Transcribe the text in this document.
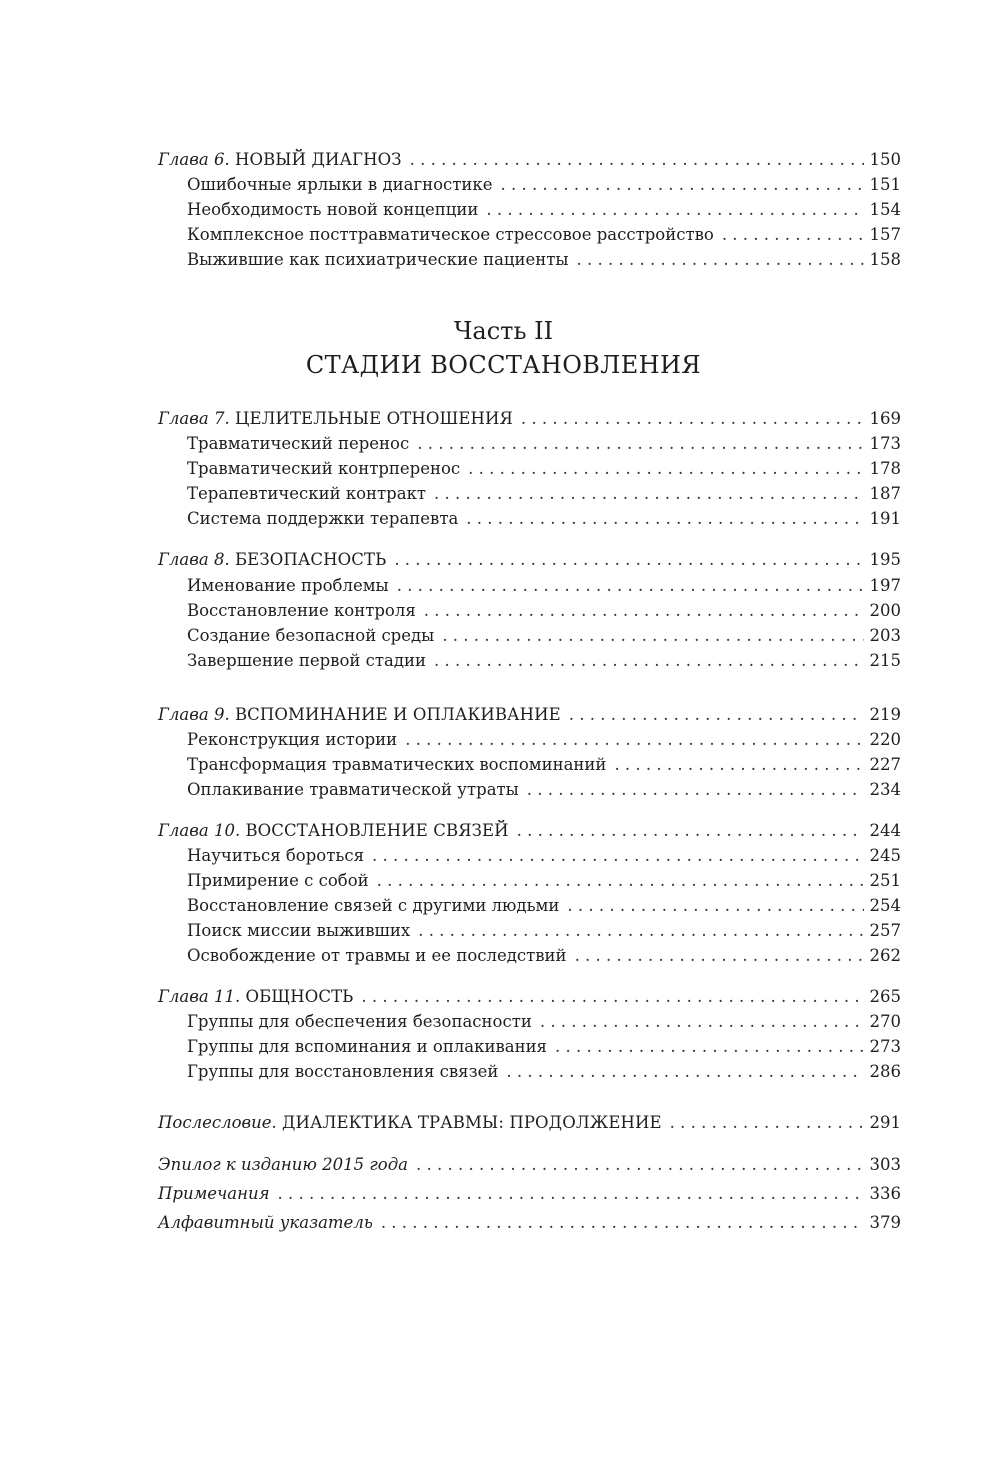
Глава 6. НОВЫЙ ДИАГНОЗ . . .	150
Ошибочные ярлыки в диагностике . . .	151
Необходимость новой концепции . . .	154
Комплексное посттравматическое стрессовое расстройство . . .	157
Выжившие как психиатрические пациенты . . .	158
Глава 7. ЦЕЛИТЕЛЬНЫЕ ОТНОШЕНИЯ . . .	169
Травматический перенос . . .	173
Травматический контрперенос . . .	178
Терапевтический контракт . . .	187
Система поддержки терапевта . . .	191
Глава 8. БЕЗОПАСНОСТЬ . . .	195
Именование проблемы . . .	197
Восстановление контроля . . .	200
Создание безопасной среды . . .	203
Завершение первой стадии . . .	215
Глава 9. ВСПОМИНАНИЕ И ОПЛАКИВАНИЕ . . .	219
Реконструкция истории . . .	220
Трансформация травматических воспоминаний . . .	227
Оплакивание травматической утраты . . .	234
Глава 10. ВОССТАНОВЛЕНИЕ СВЯЗЕЙ . . .	244
Научиться бороться . . .	245
Примирение с собой . . .	251
Восстановление связей с другими людьми . . .	254
Поиск миссии выживших . . .	257
Освобождение от травмы и ее последствий . . .	262
Глава 11. ОБЩНОСТЬ . . .	265
Группы для обеспечения безопасности . . .	270
Группы для вспоминания и оплакивания . . .	273
Группы для восстановления связей . . .	286
Послесловие. ДИАЛЕКТИКА ТРАВМЫ: ПРОДОЛЖЕНИЕ . . .	291
Эпилог к изданию 2015 года . . .	303
Примечания . . .	336
Алфавитный указатель . . .	379
Часть II
СТАДИИ ВОССТАНОВЛЕНИЯ
